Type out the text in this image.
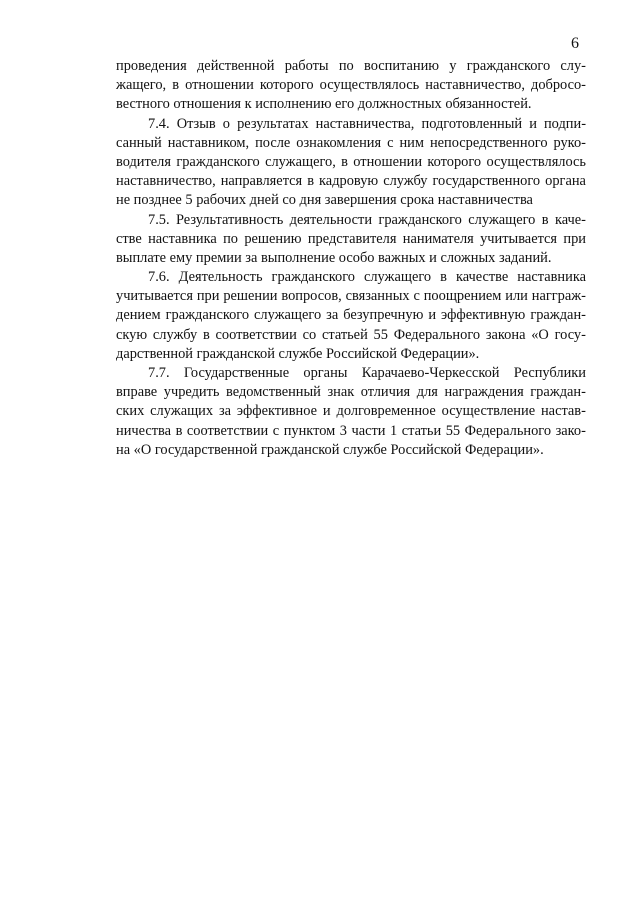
6
проведения действенной работы по воспитанию у гражданского слу-
жащего, в отношении которого осуществлялось наставничество, добросо-
вестного отношения к исполнению его должностных обязанностей.
7.4. Отзыв о результатах наставничества, подготовленный и подпи-
санный наставником, после ознакомления с ним непосредственного руко-
водителя гражданского служащего, в отношении которого осуществлялось
наставничество, направляется в кадровую службу государственного органа
не позднее 5 рабочих дней со дня завершения срока наставничества
7.5. Результативность деятельности гражданского служащего в каче-
стве наставника по решению представителя нанимателя учитывается при
выплате ему премии за выполнение особо важных и сложных заданий.
7.6. Деятельность гражданского служащего в качестве наставника
учитывается при решении вопросов, связанных с поощрением или нагграж-
дением гражданского служащего за безупречную и эффективную граждан-
скую службу в соответствии со статьей 55 Федерального закона «О госу-
дарственной гражданской службе Российской Федерации».
7.7. Государственные органы Карачаево-Черкесской Республики
вправе учредить ведомственный знак отличия для награждения граждан-
ских служащих за эффективное и долговременное осуществление настав-
ничества в соответствии с пунктом 3 части 1 статьи 55 Федерального зако-
на «О государственной гражданской службе Российской Федерации».
